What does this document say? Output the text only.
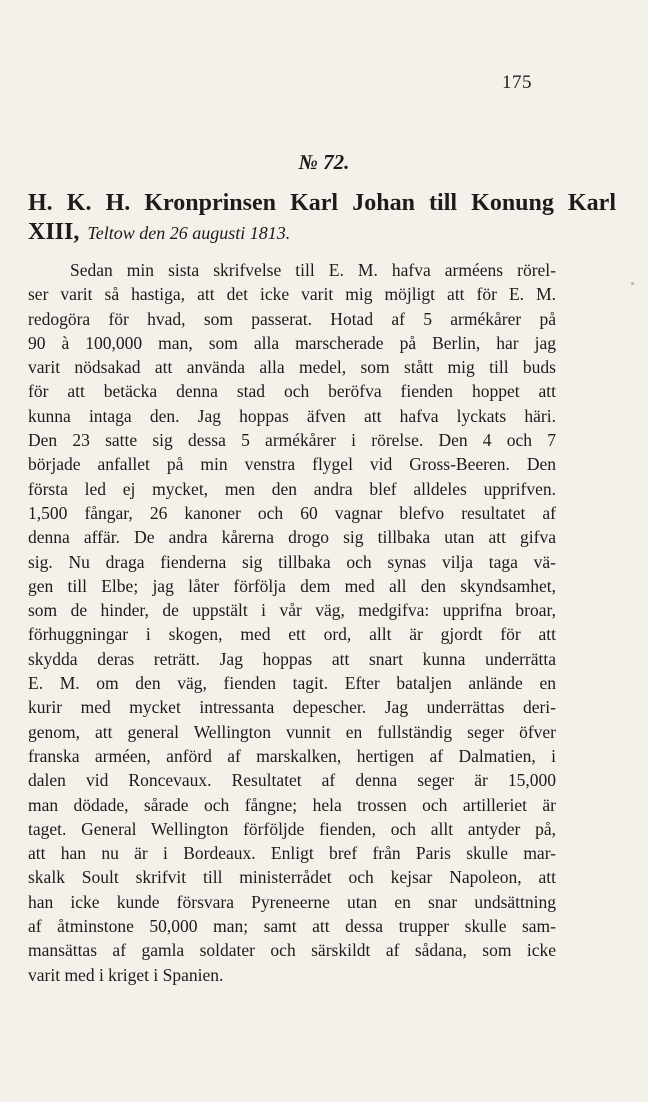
175
№ 72.
H. K. H. Kronprinsen Karl Johan till Konung Karl
XIII, Teltow den 26 augusti 1813.
Sedan min sista skrifvelse till E. M. hafva arméens rörel-
ser varit så hastiga, att det icke varit mig möjligt att för E. M.
redogöra för hvad, som passerat. Hotad af 5 armékårer på
90 à 100,000 man, som alla marscherade på Berlin, har jag
varit nödsakad att använda alla medel, som stått mig till buds
för att betäcka denna stad och beröfva fienden hoppet att
kunna intaga den. Jag hoppas äfven att hafva lyckats häri.
Den 23 satte sig dessa 5 armékårer i rörelse. Den 4 och 7
började anfallet på min venstra flygel vid Gross-Beeren. Den
första led ej mycket, men den andra blef alldeles upprifven.
1,500 fångar, 26 kanoner och 60 vagnar blefvo resultatet af
denna affär. De andra kårerna drogo sig tillbaka utan att gifva
sig. Nu draga fienderna sig tillbaka och synas vilja taga vä-
gen till Elbe; jag låter förfölja dem med all den skyndsamhet,
som de hinder, de uppstält i vår väg, medgifva: upprifna broar,
förhuggningar i skogen, med ett ord, allt är gjordt för att
skydda deras reträtt. Jag hoppas att snart kunna underrätta
E. M. om den väg, fienden tagit. Efter bataljen anlände en
kurir med mycket intressanta depescher. Jag underrättas deri-
genom, att general Wellington vunnit en fullständig seger öfver
franska arméen, anförd af marskalken, hertigen af Dalmatien, i
dalen vid Roncevaux. Resultatet af denna seger är 15,000
man dödade, sårade och fångne; hela trossen och artilleriet är
taget. General Wellington förföljde fienden, och allt antyder på,
att han nu är i Bordeaux. Enligt bref från Paris skulle mar-
skalk Soult skrifvit till ministerrådet och kejsar Napoleon, att
han icke kunde försvara Pyreneerne utan en snar undsättning
af åtminstone 50,000 man; samt att dessa trupper skulle sam-
mansättas af gamla soldater och särskildt af sådana, som icke
varit med i kriget i Spanien.
